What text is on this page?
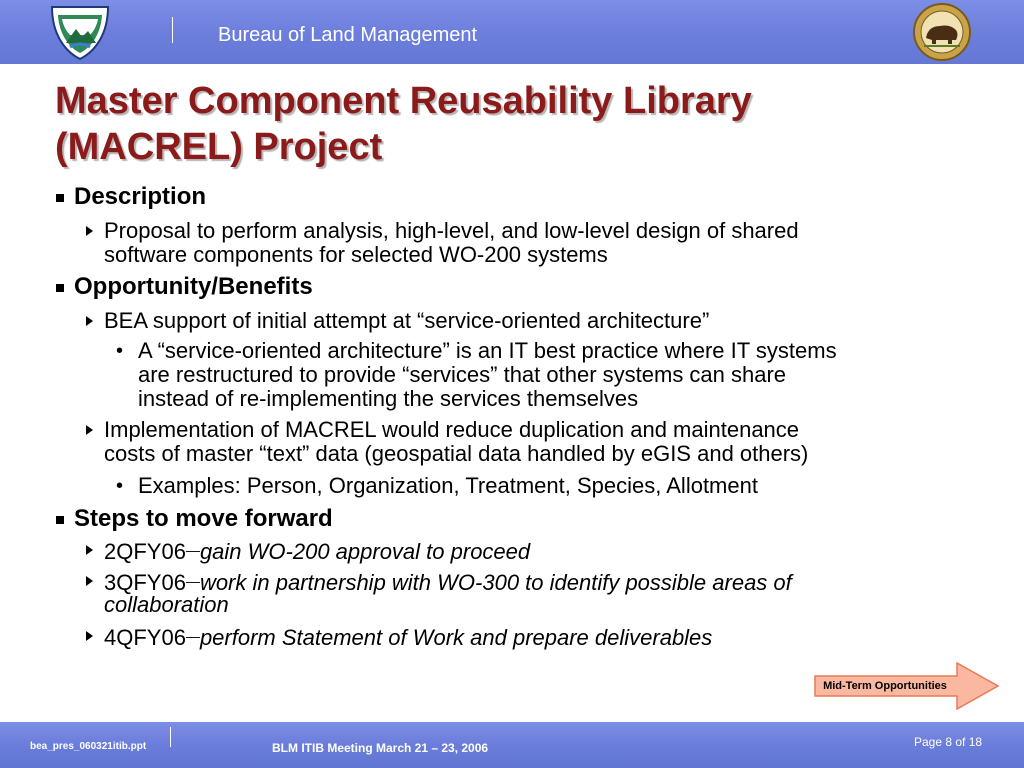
Bureau of Land Management
Master Component Reusability Library
(MACREL) Project
Description
Proposal to perform analysis, high-level, and low-level design of shared
software components for selected WO-200 systems
Opportunity/Benefits
BEA support of initial attempt at “service-oriented architecture”
• A “service-oriented architecture” is an IT best practice where IT systems
are restructured to provide “services” that other systems can share
instead of re-implementing the services themselves
Implementation of MACREL would reduce duplication and maintenance
costs of master “text” data (geospatial data handled by eGIS and others)
• Examples: Person, Organization, Treatment, Species, Allotment
Steps to move forward
2QFY06—gain WO-200 approval to proceed
3QFY06—work in partnership with WO-300 to identify possible areas of
collaboration
4QFY06—perform Statement of Work and prepare deliverables
Mid-Term Opportunities
bea_pres_060321itib.ppt	BLM ITIB Meeting March 21 – 23, 2006	Page 8 of 18
